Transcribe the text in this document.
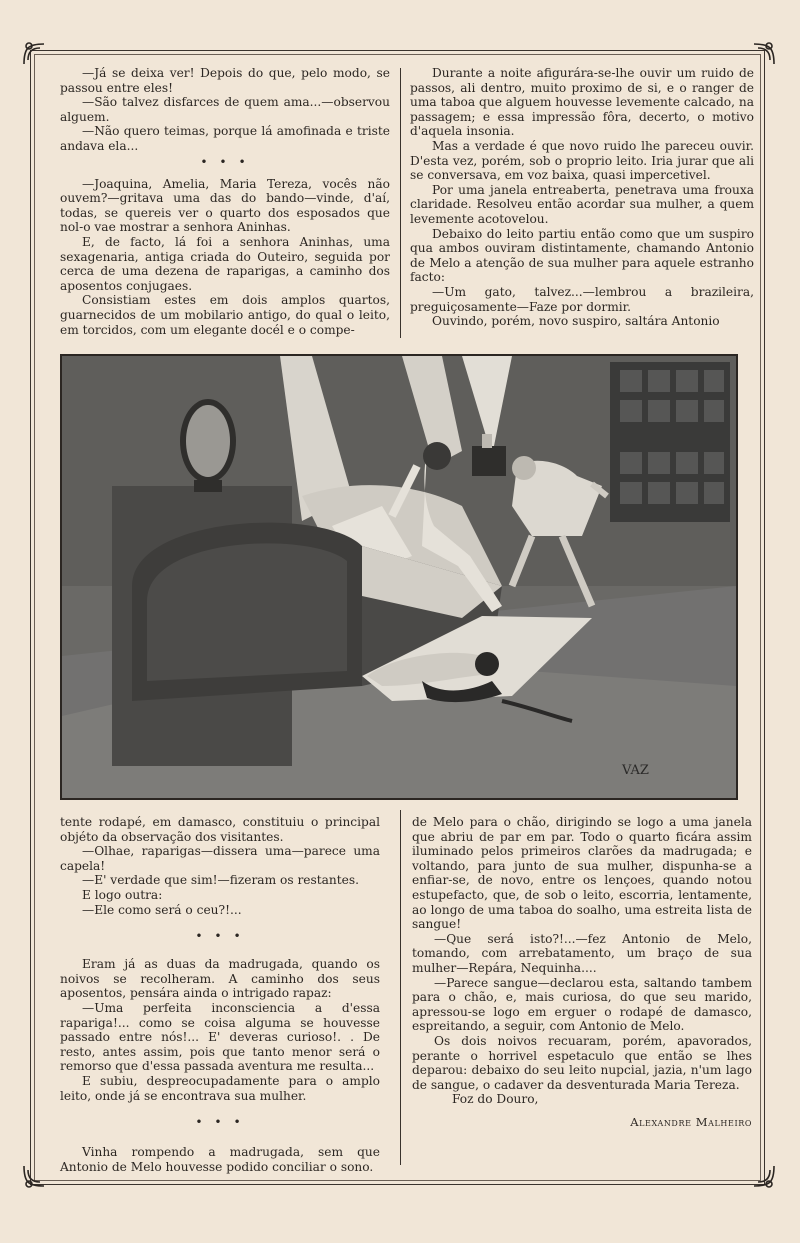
—Já se deixa ver! Depois do que, pelo modo, se passou entre eles!

—São talvez disfarces de quem ama...—observou alguem.

—Não quero teimas, porque lá amofinada e triste andava ela...

• • •

—Joaquina, Amelia, Maria Tereza, vocês não ouvem?—gritava uma das do bando—vinde, d'aí, todas, se quereis ver o quarto dos esposados que nol-o vae mostrar a senhora Aninhas.

E, de facto, lá foi a senhora Aninhas, uma sexagenaria, antiga criada do Outeiro, seguida por cerca de uma dezena de raparigas, a caminho dos aposentos conjugaes.

Consistiam estes em dois amplos quartos, guarnecidos de um mobilario antigo, do qual o leito, em torcidos, com um elegante docél e o compe-

Durante a noite afigurára-se-lhe ouvir um ruido de passos, ali dentro, muito proximo de si, e o ranger de uma taboa que alguem houvesse levemente calcado, na passagem; e essa impressão fôra, decerto, o motivo d'aquela insonia.

Mas a verdade é que novo ruido lhe pareceu ouvir. D'esta vez, porém, sob o proprio leito. Iria jurar que ali se conversava, em voz baixa, quasi impercetivel.

Por uma janela entreaberta, penetrava uma frouxa claridade. Resolveu então acordar sua mulher, a quem levemente acotovelou.

Debaixo do leito partiu então como que um suspiro qua ambos ouviram distintamente, chamando Antonio de Melo a atenção de sua mulher para aquele estranho facto:

—Um gato, talvez...—lembrou a brazileira, preguiçosamente—Faze por dormir.

Ouvindo, porém, novo suspiro, saltára Antonio

VAZ

tente rodapé, em damasco, constituiu o principal objéto da observação dos visitantes.

—Olhae, raparigas—dissera uma—parece uma capela!

—E' verdade que sim!—fizeram os restantes.

E logo outra:

—Ele como será o ceu?!...

• • •

Eram já as duas da madrugada, quando os noivos se recolheram. A caminho dos seus aposentos, pensára ainda o intrigado rapaz:

—Uma perfeita inconsciencia a d'essa rapariga!... como se coisa alguma se houvesse passado entre nós!... E' deveras curioso!. . De resto, antes assim, pois que tanto menor será o remorso que d'essa passada aventura me resulta...

E subiu, despreocupadamente para o amplo leito, onde já se encontrava sua mulher.

• • •

Vinha rompendo a madrugada, sem que Antonio de Melo houvesse podido conciliar o sono.

de Melo para o chão, dirigindo se logo a uma janela que abriu de par em par. Todo o quarto ficára assim iluminado pelos primeiros clarões da madrugada; e voltando, para junto de sua mulher, dispunha-se a enfiar-se, de novo, entre os lençoes, quando notou estupefacto, que, de sob o leito, escorria, lentamente, ao longo de uma taboa do soalho, uma estreita lista de sangue!

—Que será isto?!...—fez Antonio de Melo, tomando, com arrebatamento, um braço de sua mulher—Repára, Nequinha....

—Parece sangue—declarou esta, saltando tambem para o chão, e, mais curiosa, do que seu marido, apressou-se logo em erguer o rodapé de damasco, espreitando, a seguir, com Antonio de Melo.

Os dois noivos recuaram, porém, apavorados, perante o horrivel espetaculo que então se lhes deparou: debaixo do seu leito nupcial, jazia, n'um lago de sangue, o cadaver da desventurada Maria Tereza.

Foz do Douro,

Alexandre Malheiro
